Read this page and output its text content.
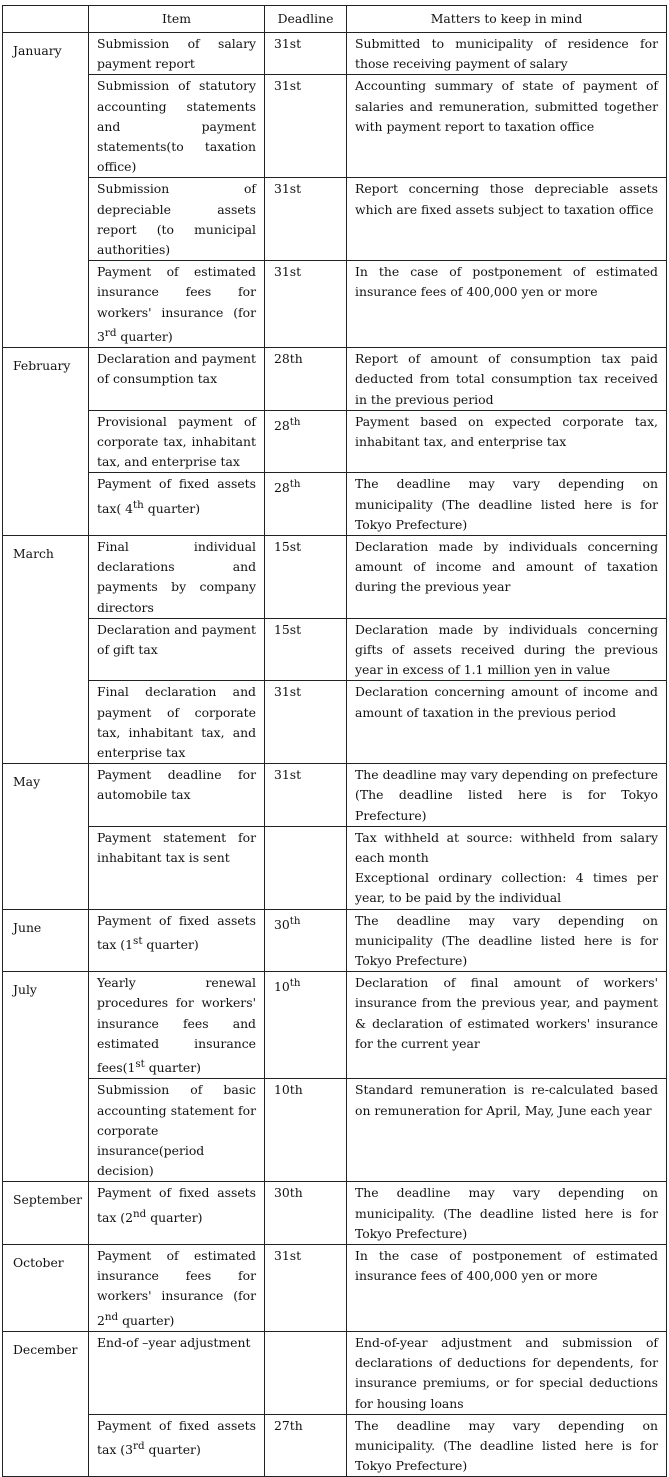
	Item	Deadline	Matters to keep in mind
January	Submission of salary payment report	31st	Submitted to municipality of residence for those receiving payment of salary
	Submission of statutory accounting statements and payment statements(to taxation office)	31st	Accounting summary of state of payment of salaries and remuneration, submitted together with payment report to taxation office
	Submission of depreciable assets report (to municipal authorities)	31st	Report concerning those depreciable assets which are fixed assets subject to taxation office
	Payment of estimated insurance fees for workers' insurance (for 3rd quarter)	31st	In the case of postponement of estimated insurance fees of 400,000 yen or more
February	Declaration and payment of consumption tax	28th	Report of amount of consumption tax paid deducted from total consumption tax received in the previous period
	Provisional payment of corporate tax, inhabitant tax, and enterprise tax	28th	Payment based on expected corporate tax, inhabitant tax, and enterprise tax
	Payment of fixed assets tax( 4th quarter)	28th	The deadline may vary depending on municipality (The deadline listed here is for Tokyo Prefecture)
March	Final individual declarations and payments by company directors	15st	Declaration made by individuals concerning amount of income and amount of taxation during the previous year
	Declaration and payment of gift tax	15st	Declaration made by individuals concerning gifts of assets received during the previous year in excess of 1.1 million yen in value
	Final declaration and payment of corporate tax, inhabitant tax, and enterprise tax	31st	Declaration concerning amount of income and amount of taxation in the previous period
May	Payment deadline for automobile tax	31st	The deadline may vary depending on prefecture (The deadline listed here is for Tokyo Prefecture)
	Payment statement for inhabitant tax is sent		Tax withheld at source: withheld from salary each month
Exceptional ordinary collection: 4 times per year, to be paid by the individual

June	Payment of fixed assets tax (1st quarter)	30th	The deadline may vary depending on municipality (The deadline listed here is for Tokyo Prefecture)
July	Yearly renewal procedures for workers' insurance fees and estimated insurance fees(1st quarter)	10th	Declaration of final amount of workers' insurance from the previous year, and payment & declaration of estimated workers' insurance for the current year
	Submission of basic accounting statement for corporate insurance(period decision)	10th	Standard remuneration is re-calculated based on remuneration for April, May, June each year
September	Payment of fixed assets tax (2nd quarter)	30th	The deadline may vary depending on municipality. (The deadline listed here is for Tokyo Prefecture)
October	Payment of estimated insurance fees for workers' insurance (for 2nd quarter)	31st	In the case of postponement of estimated insurance fees of 400,000 yen or more
December	End-of –year adjustment		End-of-year adjustment and submission of declarations of deductions for dependents, for insurance premiums, or for special deductions for housing loans
	Payment of fixed assets tax (3rd quarter)	27th	The deadline may vary depending on municipality. (The deadline listed here is for Tokyo Prefecture)
